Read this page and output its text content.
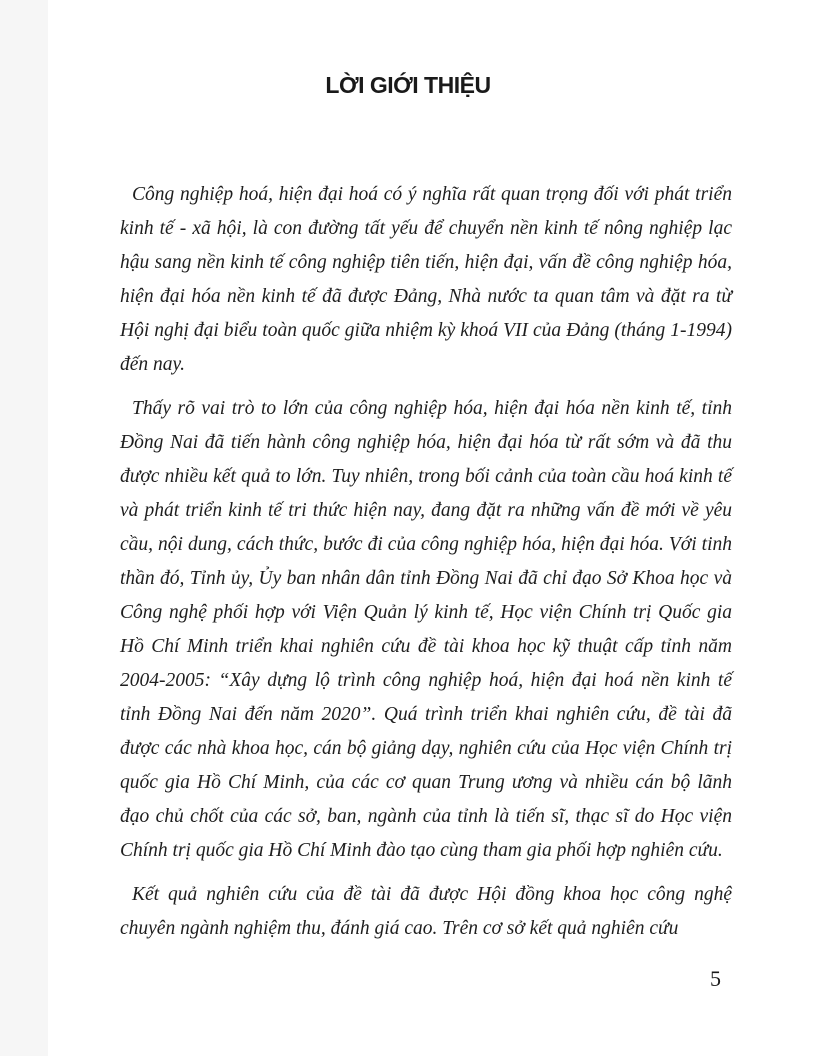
LỜI GIỚI THIỆU

Công nghiệp hoá, hiện đại hoá có ý nghĩa rất quan trọng đối với phát triển kinh tế - xã hội, là con đường tất yếu để chuyển nền kinh tế nông nghiệp lạc hậu sang nền kinh tế công nghiệp tiên tiến, hiện đại, vấn đề công nghiệp hóa, hiện đại hóa nền kinh tế đã được Đảng, Nhà nước ta quan tâm và đặt ra từ Hội nghị đại biểu toàn quốc giữa nhiệm kỳ khoá VII của Đảng (tháng 1-1994) đến nay.

Thấy rõ vai trò to lớn của công nghiệp hóa, hiện đại hóa nền kinh tế, tỉnh Đồng Nai đã tiến hành công nghiệp hóa, hiện đại hóa từ rất sớm và đã thu được nhiều kết quả to lớn. Tuy nhiên, trong bối cảnh của toàn cầu hoá kinh tế và phát triển kinh tế tri thức hiện nay, đang đặt ra những vấn đề mới về yêu cầu, nội dung, cách thức, bước đi của công nghiệp hóa, hiện đại hóa. Với tinh thần đó, Tỉnh ủy, Ủy ban nhân dân tỉnh Đồng Nai đã chỉ đạo Sở Khoa học và Công nghệ phối hợp với Viện Quản lý kinh tế, Học viện Chính trị Quốc gia Hồ Chí Minh triển khai nghiên cứu đề tài khoa học kỹ thuật cấp tỉnh năm 2004-2005: “Xây dựng lộ trình công nghiệp hoá, hiện đại hoá nền kinh tế tỉnh Đồng Nai đến năm 2020”. Quá trình triển khai nghiên cứu, đề tài đã được các nhà khoa học, cán bộ giảng dạy, nghiên cứu của Học viện Chính trị quốc gia Hồ Chí Minh, của các cơ quan Trung ương và nhiều cán bộ lãnh đạo chủ chốt của các sở, ban, ngành của tỉnh là tiến sĩ, thạc sĩ do Học viện Chính trị quốc gia Hồ Chí Minh đào tạo cùng tham gia phối hợp nghiên cứu.

Kết quả nghiên cứu của đề tài đã được Hội đồng khoa học công nghệ chuyên ngành nghiệm thu, đánh giá cao. Trên cơ sở kết quả nghiên cứu

5
